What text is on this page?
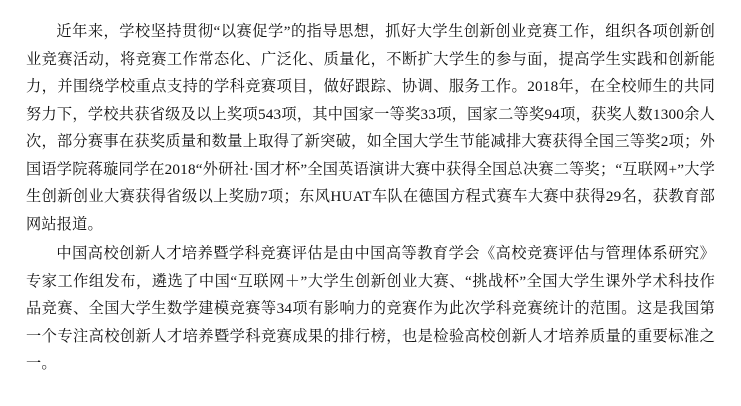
近年来，学校坚持贯彻“以赛促学”的指导思想，抓好大学生创新创业竞赛工作，组织各项创新创业竞赛活动，将竞赛工作常态化、广泛化、质量化，不断扩大学生的参与面，提高学生实践和创新能力，并围绕学校重点支持的学科竞赛项目，做好跟踪、协调、服务工作。2018年，在全校师生的共同努力下，学校共获省级及以上奖项543项，其中国家一等奖33项，国家二等奖94项，获奖人数1300余人次，部分赛事在获奖质量和数量上取得了新突破，如全国大学生节能减排大赛获得全国三等奖2项；外国语学院蒋璇同学在2018“外研社·国才杯”全国英语演讲大赛中获得全国总决赛二等奖；“互联网+”大学生创新创业大赛获得省级以上奖励7项；东风HUAT车队在德国方程式赛车大赛中获得29名，获教育部网站报道。

中国高校创新人才培养暨学科竞赛评估是由中国高等教育学会《高校竞赛评估与管理体系研究》专家工作组发布，遴选了中国“互联网＋”大学生创新创业大赛、“挑战杯”全国大学生课外学术科技作品竞赛、全国大学生数学建模竞赛等34项有影响力的竞赛作为此次学科竞赛统计的范围。这是我国第一个专注高校创新人才培养暨学科竞赛成果的排行榜，也是检验高校创新人才培养质量的重要标准之一。
